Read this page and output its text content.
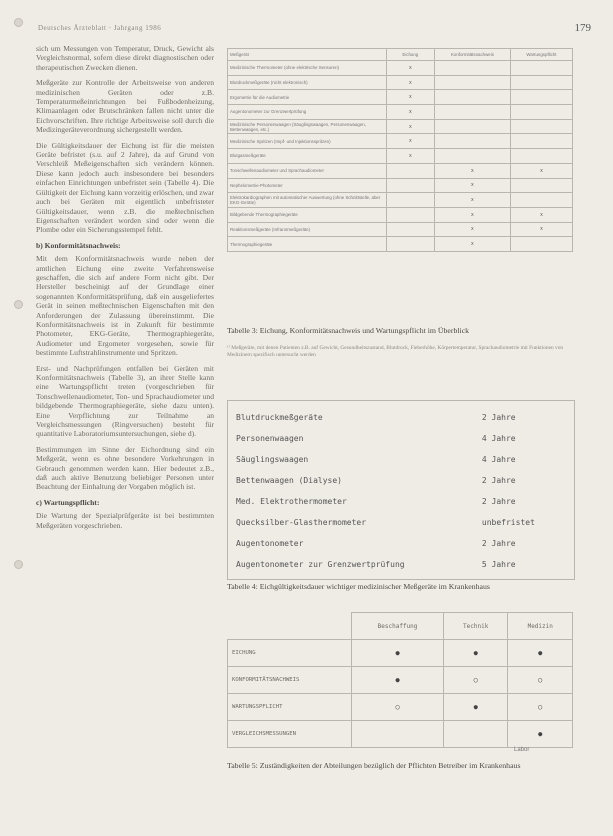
Deutsches Ärzteblatt · Jahrgang 1986	179

sich um Messungen von Temperatur, Druck, Gewicht als Vergleichsnormal, sofern diese direkt diagnostischen oder therapeutischen Zwecken dienen.

Meßgeräte zur Kontrolle der Arbeitsweise von anderen medizinischen Geräten oder z.B. Temperaturmeßeinrichtungen bei Fußbodenheizung, Klimaanlagen oder Brutschränken fallen nicht unter die Eichvorschriften. Ihre richtige Arbeitsweise soll durch die Medizingeräteverordnung sichergestellt werden.

Die Gültigkeitsdauer der Eichung ist für die meisten Geräte befristet (s.u. auf 2 Jahre), da auf Grund von Verschleiß Meßeigenschaften sich verändern können. Diese kann jedoch auch insbesondere bei besonders einfachen Einrichtungen unbefristet sein (Tabelle 4). Die Gültigkeit der Eichung kann vorzeitig erlöschen, und zwar auch bei Geräten mit eigentlich unbefristeter Gültigkeitsdauer, wenn z.B. die meßtechnischen Eigenschaften verändert worden sind oder wenn die Plombe oder ein Sicherungsstempel fehlt.

b) Konformitätsnachweis:

Mit dem Konformitätsnachweis wurde neben der amtlichen Eichung eine zweite Verfahrensweise geschaffen, die sich auf andere Form nicht gibt. Der Hersteller bescheinigt auf der Grundlage einer sogenannten Konformitätsprüfung, daß ein ausgeliefertes Gerät in seinen meßtechnischen Eigenschaften mit den Anforderungen der Zulassung übereinstimmt. Die Konformitätsnachweis ist in Zukunft für bestimmte Photometer, EKG-Geräte, Thermographiegeräte, Audiometer und Ergometer vorgesehen, sowie für bestimmte Luftstrahlinstrumente und Spritzen.

Erst- und Nachprüfungen entfallen bei Geräten mit Konformitätsnachweis (Tabelle 3), an ihrer Stelle kann eine Wartungspflicht treten (vorgeschrieben für Tonschwellenaudiometer, Ton- und Sprachaudiometer und bildgebende Thermographiegeräte, siehe dazu unten). Eine Verpflichtung zur Teilnahme an Vergleichsmessungen (Ringversuchen) besteht für quantitative Laboratoriumsuntersuchungen, siehe d).

Bestimmungen im Sinne der Eichordnung sind ein Meßgerät, wenn es ohne besondere Vorkehrungen in Gebrauch genommen werden kann. Hier bedeutet z.B., daß auch aktive Benutzung beliebiger Personen unter Beachtung der Einhaltung der Vorgaben möglich ist.

c) Wartungspflicht:

Die Wartung der Spezialprüfgeräte ist bei bestimmten Meßgeräten vorgeschrieben.

Meßgerät	Eichung	Konformitätsnachweis	Wartungspflicht
Medizinische Thermometer (ohne elektrische Sensoren)	x		
Blutdruckmeßgeräte (nicht elektronisch)	x		
Ergometrie für die Audiometrie	x		
Augentonometer zur Grenzwertprüfung	x		
Medizinische Personenwaagen (Säuglingswaagen, Personenwaagen, Bettenwaagen, etc.)	x		
Medizinische Spritzen (Impf- und Injektionsspritzen)	x		
Blutgasmeßgeräte	x		
Tonschwellenaudiometer und Sprachaudiometer		x	x
Nephelometrie-Photometer		x	
Elektrokardiographen mit automatischer Auswertung (ohne Schnittstelle, aber EKG-Geräte)		x	
Bildgebende Thermographiegeräte		x	x
Reaktionsmeßgeräte (Infrarotmeßgeräte)		x	x
Thermographiegeräte		x	
Tabelle 3: Eichung, Konformitätsnachweis und Wartungspflicht im Überblick
¹⁾ Meßgeräte, mit denen Patienten z.B. auf Gewicht, Gesundheitszustand, Blutdruck, Fieberhöhe, Körpertemperatur, Sprachaudiometrie mit Funktionen von Medizinern spezifisch untersucht werden
Blutdruckmeßgeräte	2 Jahre
Personenwaagen	4 Jahre
Säuglingswaagen	4 Jahre
Bettenwaagen (Dialyse)	2 Jahre
Med. Elektrothermometer	2 Jahre
Quecksilber-Glasthermometer	unbefristet
Augentonometer	2 Jahre
Augentonometer zur Grenzwertprüfung	5 Jahre
Tabelle 4: Eichgültigkeitsdauer wichtiger medizinischer Meßgeräte im Krankenhaus
	Beschaffung	Technik	Medizin
EICHUNG	●	●	●
KONFORMITÄTSNACHWEIS	●	○	○
WARTUNGSPFLICHT	○	●	○
VERGLEICHSMESSUNGEN			●
Labor
Tabelle 5: Zuständigkeiten der Abteilungen bezüglich der Pflichten Betreiber im Krankenhaus
